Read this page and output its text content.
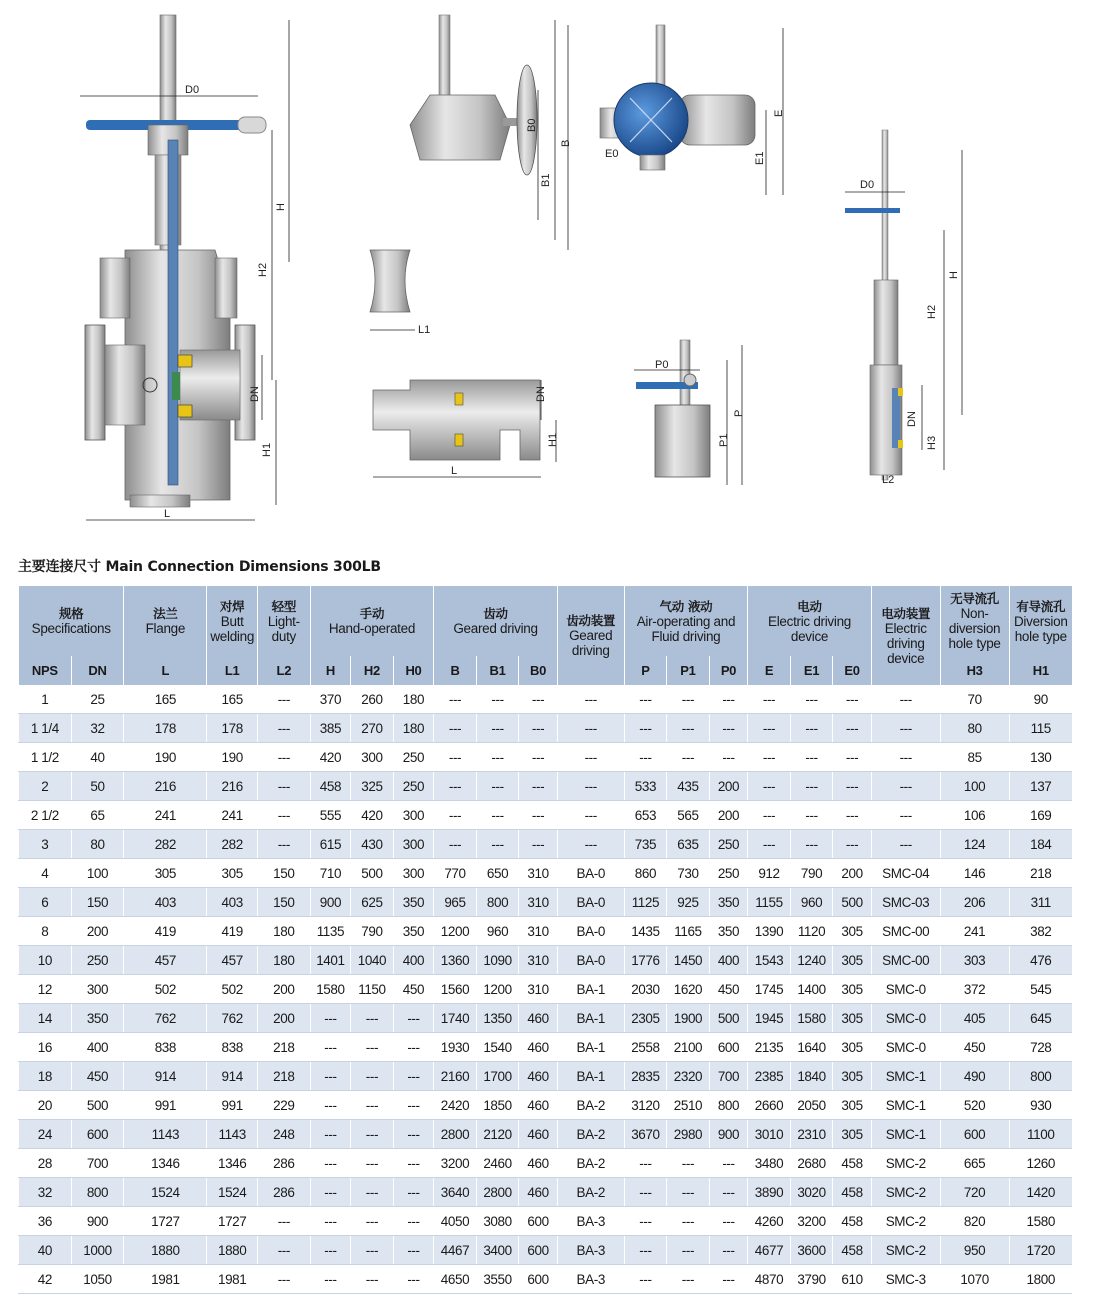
D0
H
H2
DN
H1
L
B0
B1
B
E0
E
E1
L1
L
DN
H1
P0
P
P1
D0
H
H2
DN
H3
L2
主要连接尺寸 Main Connection Dimensions 300LB
规格
Specifications		法兰
Flange	对焊
Butt welding	轻型
Light-duty	手动
Hand-operated			齿动
Geared driving			齿动装置
Geared driving	气动 液动
Air-operating and Fluid driving			电动
Electric driving device			电动装置
Electric driving device	无导流孔
Non-diversion hole type	有导流孔
Diversion hole type
NPS	DN	L	L1	L2	H	H2	H0	B	B1	B0		P	P1	P0	E	E1	E0		H3	H1
1	25	165	165	---	370	260	180	---	---	---	---	---	---	---	---	---	---	---	70	90
1 1/4	32	178	178	---	385	270	180	---	---	---	---	---	---	---	---	---	---	---	80	115
1 1/2	40	190	190	---	420	300	250	---	---	---	---	---	---	---	---	---	---	---	85	130
2	50	216	216	---	458	325	250	---	---	---	---	533	435	200	---	---	---	---	100	137
2 1/2	65	241	241	---	555	420	300	---	---	---	---	653	565	200	---	---	---	---	106	169
3	80	282	282	---	615	430	300	---	---	---	---	735	635	250	---	---	---	---	124	184
4	100	305	305	150	710	500	300	770	650	310	BA-0	860	730	250	912	790	200	SMC-04	146	218
6	150	403	403	150	900	625	350	965	800	310	BA-0	1125	925	350	1155	960	500	SMC-03	206	311
8	200	419	419	180	1135	790	350	1200	960	310	BA-0	1435	1165	350	1390	1120	305	SMC-00	241	382
10	250	457	457	180	1401	1040	400	1360	1090	310	BA-0	1776	1450	400	1543	1240	305	SMC-00	303	476
12	300	502	502	200	1580	1150	450	1560	1200	310	BA-1	2030	1620	450	1745	1400	305	SMC-0	372	545
14	350	762	762	200	---	---	---	1740	1350	460	BA-1	2305	1900	500	1945	1580	305	SMC-0	405	645
16	400	838	838	218	---	---	---	1930	1540	460	BA-1	2558	2100	600	2135	1640	305	SMC-0	450	728
18	450	914	914	218	---	---	---	2160	1700	460	BA-1	2835	2320	700	2385	1840	305	SMC-1	490	800
20	500	991	991	229	---	---	---	2420	1850	460	BA-2	3120	2510	800	2660	2050	305	SMC-1	520	930
24	600	1143	1143	248	---	---	---	2800	2120	460	BA-2	3670	2980	900	3010	2310	305	SMC-1	600	1100
28	700	1346	1346	286	---	---	---	3200	2460	460	BA-2	---	---	---	3480	2680	458	SMC-2	665	1260
32	800	1524	1524	286	---	---	---	3640	2800	460	BA-2	---	---	---	3890	3020	458	SMC-2	720	1420
36	900	1727	1727	---	---	---	---	4050	3080	600	BA-3	---	---	---	4260	3200	458	SMC-2	820	1580
40	1000	1880	1880	---	---	---	---	4467	3400	600	BA-3	---	---	---	4677	3600	458	SMC-2	950	1720
42	1050	1981	1981	---	---	---	---	4650	3550	600	BA-3	---	---	---	4870	3790	610	SMC-3	1070	1800
